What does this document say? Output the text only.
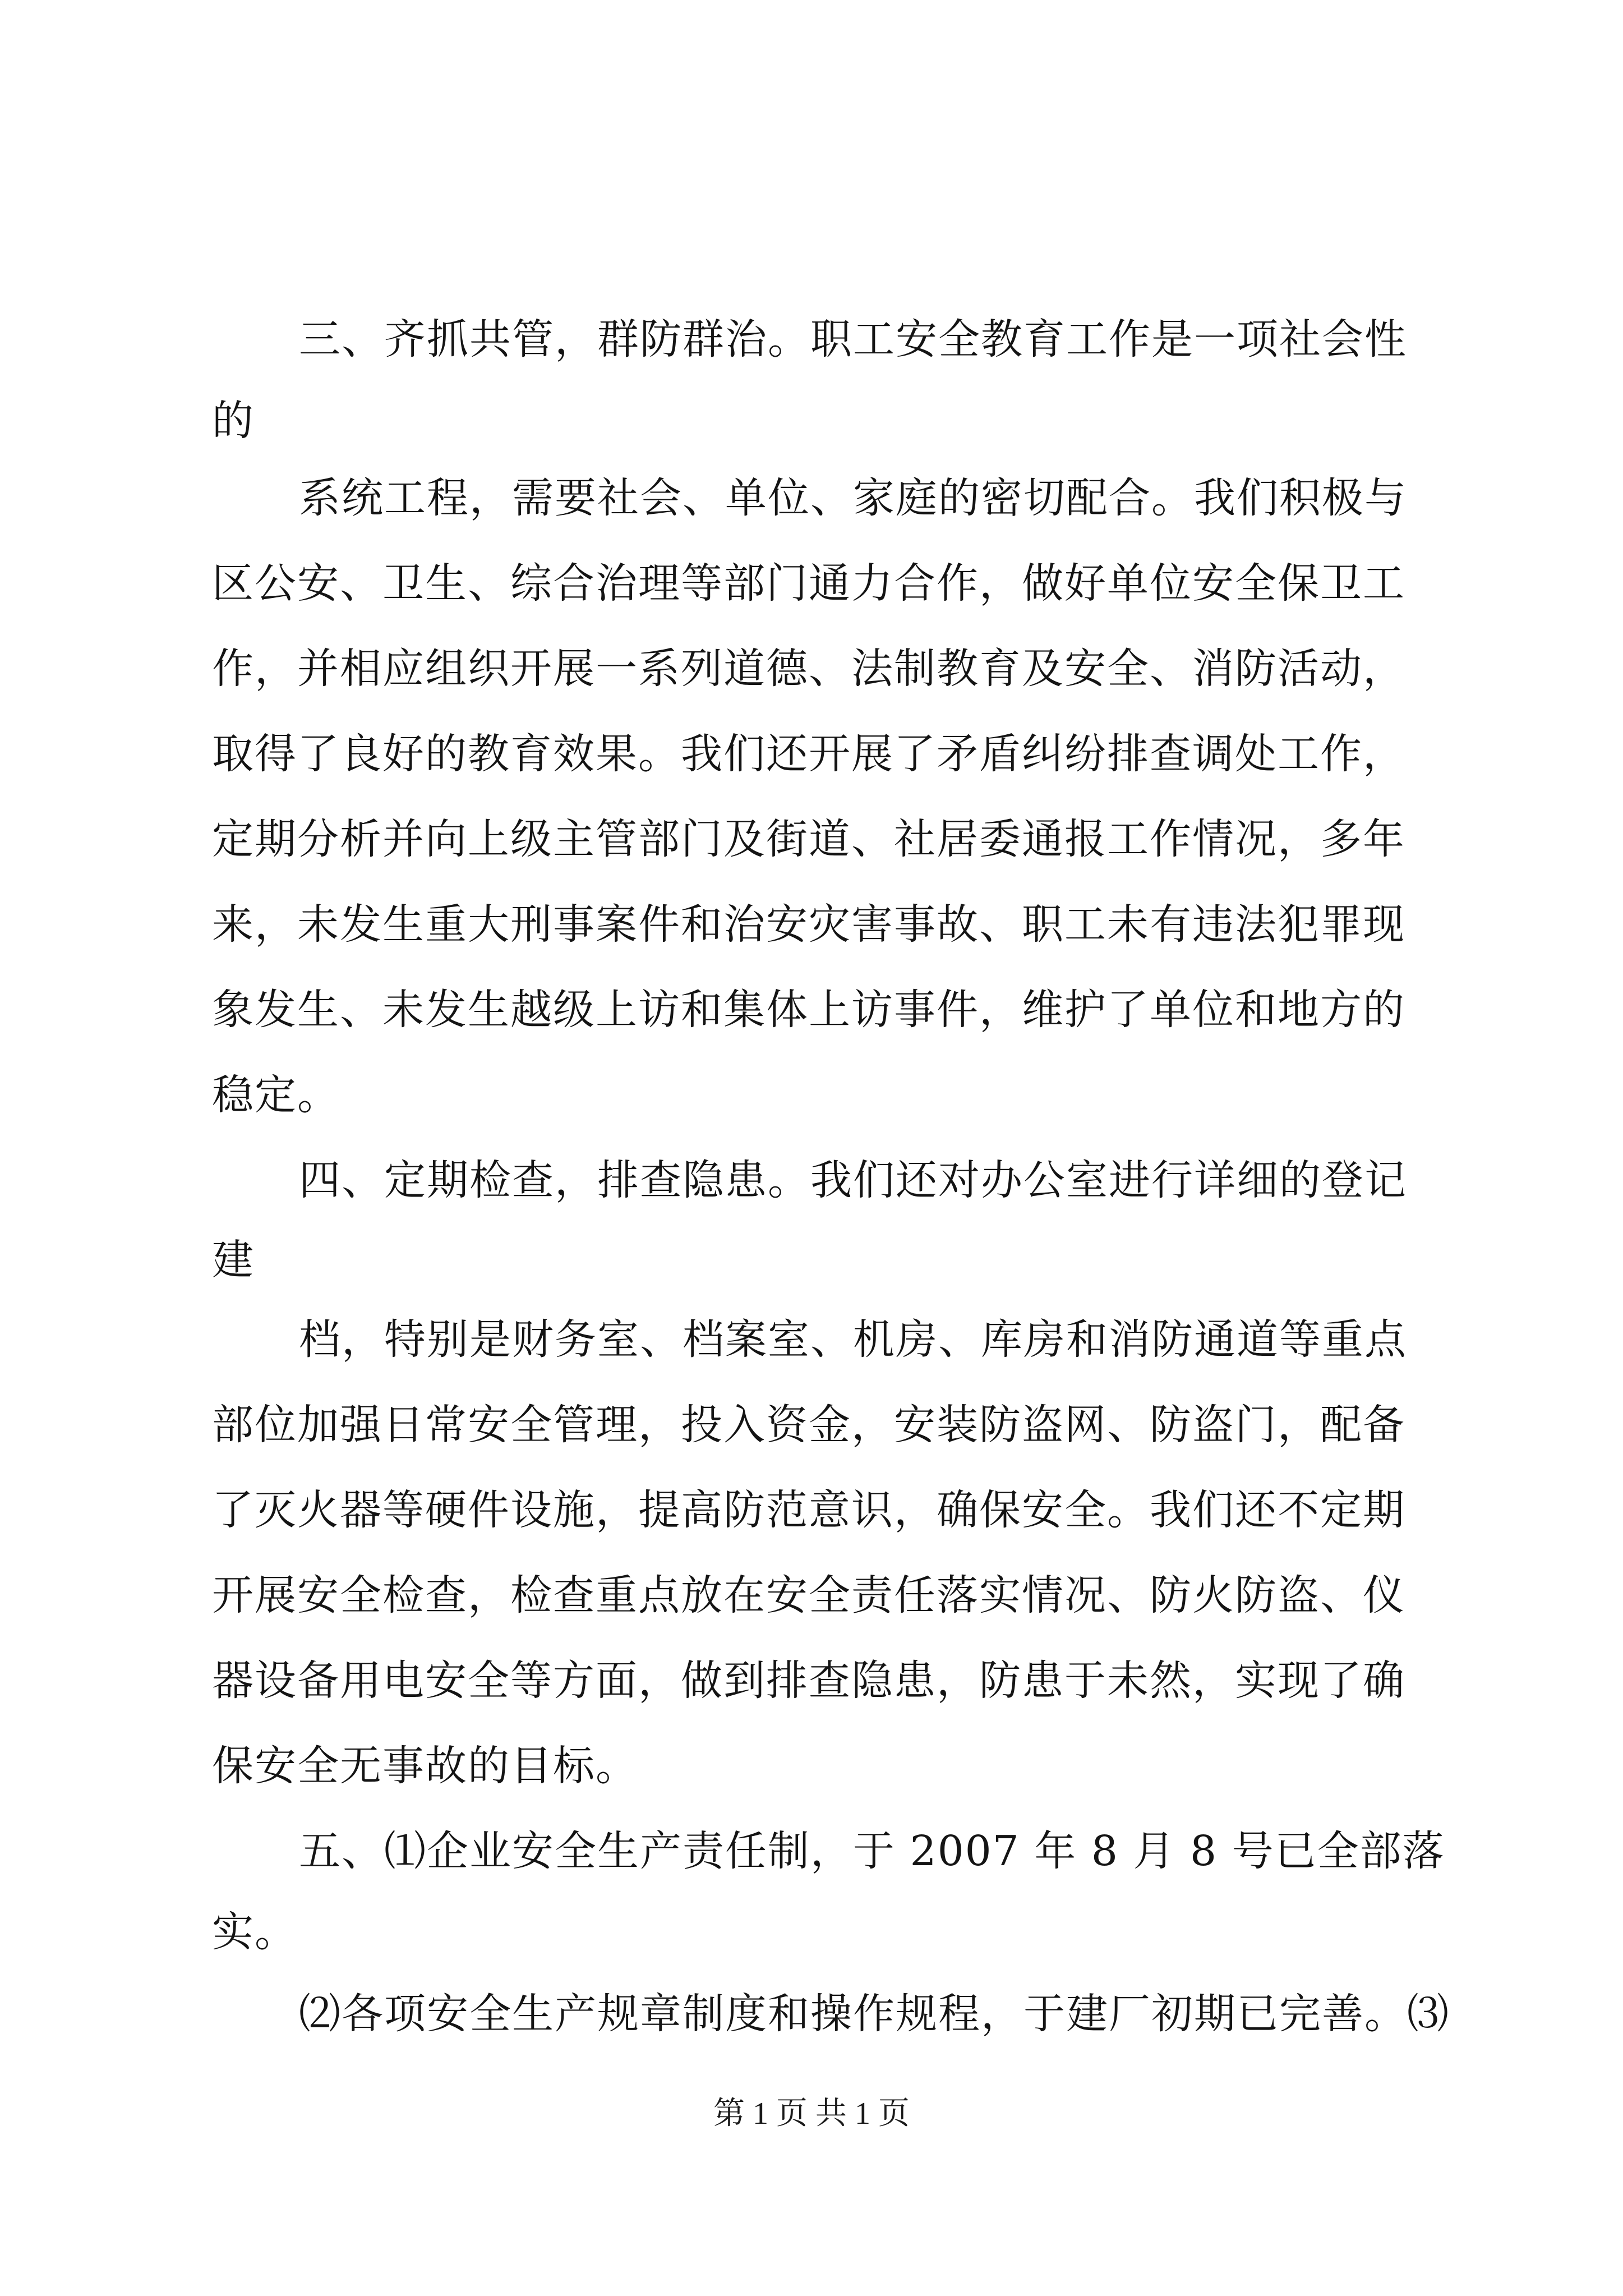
三、齐抓共管，群防群治。职工安全教育工作是一项社会性
的
系统工程，需要社会、单位、家庭的密切配合。我们积极与
区公安、卫生、综合治理等部门通力合作，做好单位安全保卫工
作，并相应组织开展一系列道德、法制教育及安全、消防活动，
取得了良好的教育效果。我们还开展了矛盾纠纷排查调处工作，
定期分析并向上级主管部门及街道、社居委通报工作情况，多年
来，未发生重大刑事案件和治安灾害事故、职工未有违法犯罪现
象发生、未发生越级上访和集体上访事件，维护了单位和地方的
稳定。
四、定期检查，排查隐患。我们还对办公室进行详细的登记
建
档，特别是财务室、档案室、机房、库房和消防通道等重点
部位加强日常安全管理，投入资金，安装防盗网、防盗门，配备
了灭火器等硬件设施，提高防范意识，确保安全。我们还不定期
开展安全检查，检查重点放在安全责任落实情况、防火防盗、仪
器设备用电安全等方面，做到排查隐患，防患于未然，实现了确
保安全无事故的目标。
五、⑴企业安全生产责任制，于 2007 年 8 月 8 号已全部落
实。
⑵各项安全生产规章制度和操作规程，于建厂初期已完善。⑶
第 1 页 共 1 页
